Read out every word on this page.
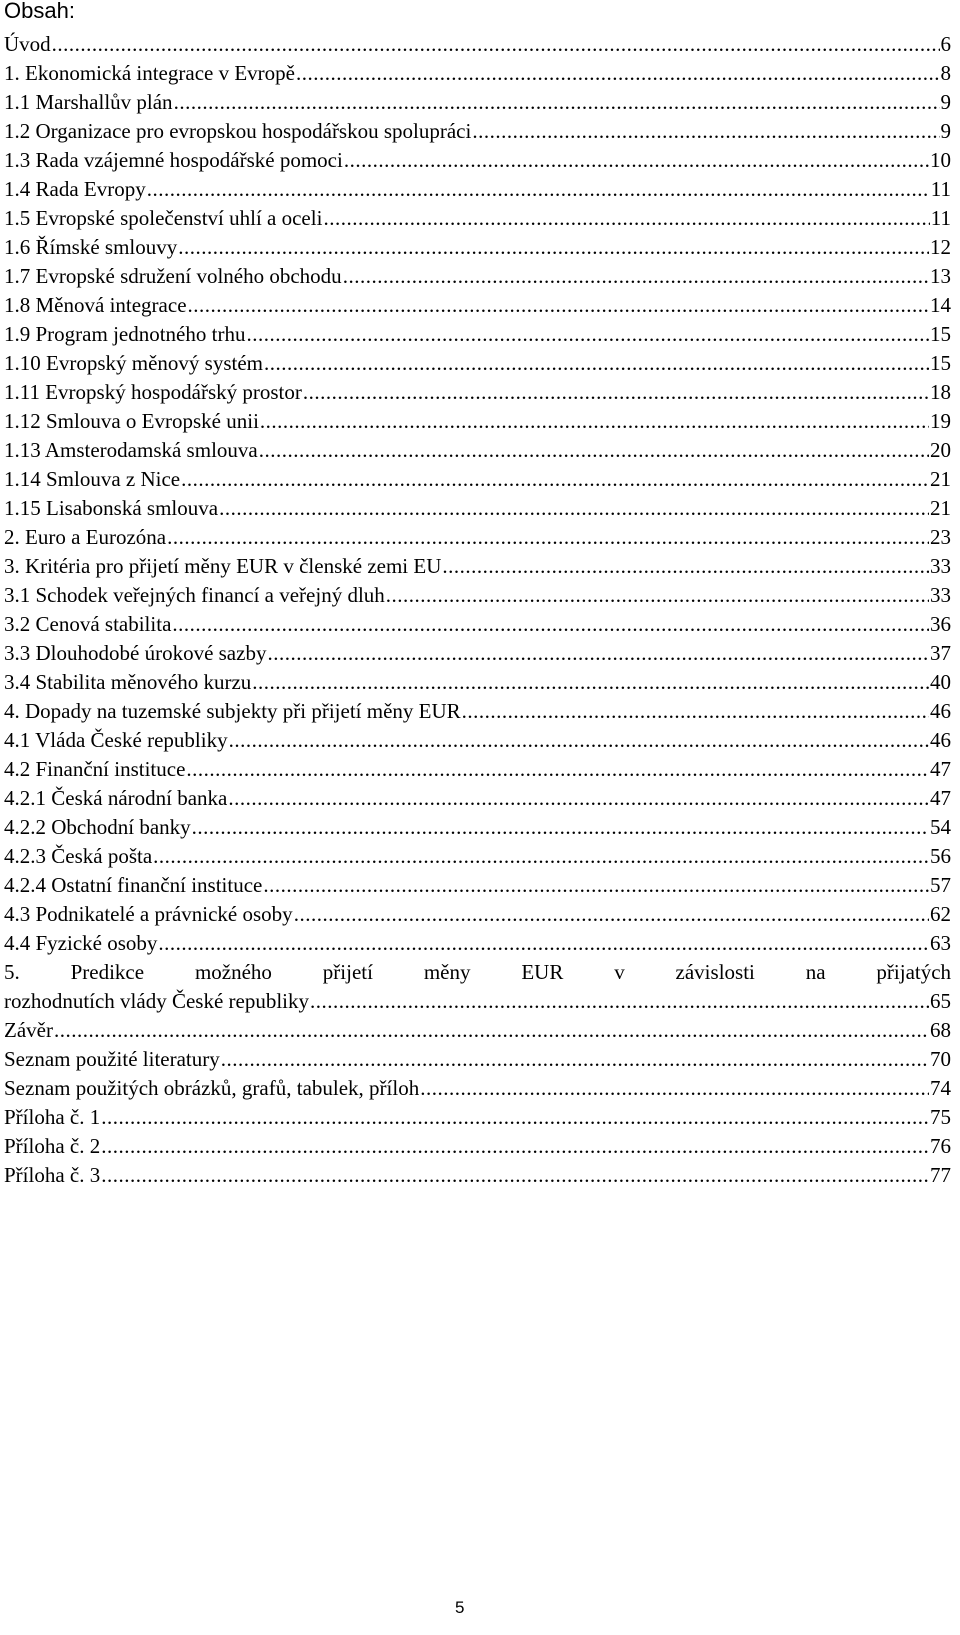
Obsah:
Úvod .....	6
1. Ekonomická integrace v Evropě .....	8
1.1 Marshallův plán .....	9
1.2 Organizace pro evropskou hospodářskou spolupráci .....	9
1.3 Rada vzájemné hospodářské pomoci .....	10
1.4 Rada Evropy .....	11
1.5 Evropské společenství uhlí a oceli .....	11
1.6 Římské smlouvy .....	12
1.7 Evropské sdružení volného obchodu .....	13
1.8 Měnová integrace .....	14
1.9 Program jednotného trhu .....	15
1.10 Evropský měnový systém .....	15
1.11 Evropský hospodářský prostor .....	18
1.12 Smlouva o Evropské unii .....	19
1.13 Amsterodamská smlouva .....	20
1.14 Smlouva z Nice .....	21
1.15 Lisabonská smlouva .....	21
2. Euro a Eurozóna .....	23
3. Kritéria pro přijetí měny EUR v členské zemi EU .....	33
3.1 Schodek veřejných financí a veřejný dluh .....	33
3.2 Cenová stabilita .....	36
3.3 Dlouhodobé úrokové sazby .....	37
3.4 Stabilita měnového kurzu .....	40
4. Dopady na tuzemské subjekty při přijetí měny EUR .....	46
4.1 Vláda České republiky .....	46
4.2 Finanční instituce .....	47
4.2.1 Česká národní banka .....	47
4.2.2 Obchodní banky .....	54
4.2.3 Česká pošta .....	56
4.2.4 Ostatní finanční instituce .....	57
4.3 Podnikatelé a právnické osoby .....	62
4.4 Fyzické osoby .....	63
5. Predikce možného přijetí měny EUR v závislosti na přijatých
rozhodnutích vlády České republiky .....	65
Závěr .....	68
Seznam použité literatury .....	70
Seznam použitých obrázků, grafů, tabulek, příloh .....	74
Příloha č. 1 .....	75
Příloha č. 2 .....	76
Příloha č. 3 .....	77
5
